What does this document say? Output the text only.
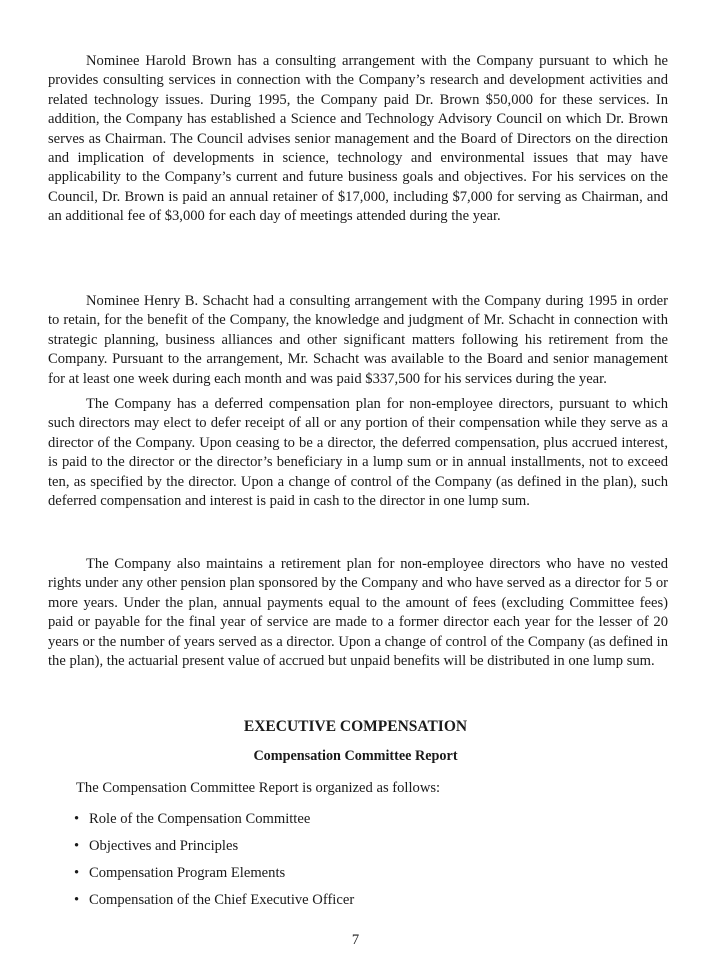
Nominee Harold Brown has a consulting arrangement with the Company pursuant to which he provides consulting services in connection with the Company’s research and development activities and related technology issues. During 1995, the Company paid Dr. Brown $50,000 for these services. In addition, the Company has established a Science and Technology Advisory Council on which Dr. Brown serves as Chairman. The Council advises senior management and the Board of Directors on the direction and implication of developments in science, technology and environmental issues that may have applicability to the Company’s current and future business goals and objectives. For his services on the Council, Dr. Brown is paid an annual retainer of $17,000, including $7,000 for serving as Chairman, and an additional fee of $3,000 for each day of meetings attended during the year.

Nominee Henry B. Schacht had a consulting arrangement with the Company during 1995 in order to retain, for the benefit of the Company, the knowledge and judgment of Mr. Schacht in connection with strategic planning, business alliances and other significant matters following his retirement from the Company. Pursuant to the arrangement, Mr. Schacht was available to the Board and senior management for at least one week during each month and was paid $337,500 for his services during the year.

The Company has a deferred compensation plan for non-employee directors, pursuant to which such directors may elect to defer receipt of all or any portion of their compensation while they serve as a director of the Company. Upon ceasing to be a director, the deferred compensation, plus accrued interest, is paid to the director or the director’s beneficiary in a lump sum or in annual installments, not to exceed ten, as specified by the director. Upon a change of control of the Company (as defined in the plan), such deferred compensation and interest is paid in cash to the director in one lump sum.

The Company also maintains a retirement plan for non-employee directors who have no vested rights under any other pension plan sponsored by the Company and who have served as a director for 5 or more years. Under the plan, annual payments equal to the amount of fees (excluding Committee fees) paid or payable for the final year of service are made to a former director each year for the lesser of 20 years or the number of years served as a director. Upon a change of control of the Company (as defined in the plan), the actuarial present value of accrued but unpaid benefits will be distributed in one lump sum.

EXECUTIVE COMPENSATION
Compensation Committee Report

The Compensation Committee Report is organized as follows:

• Role of the Compensation Committee
• Objectives and Principles
• Compensation Program Elements
• Compensation of the Chief Executive Officer

7
